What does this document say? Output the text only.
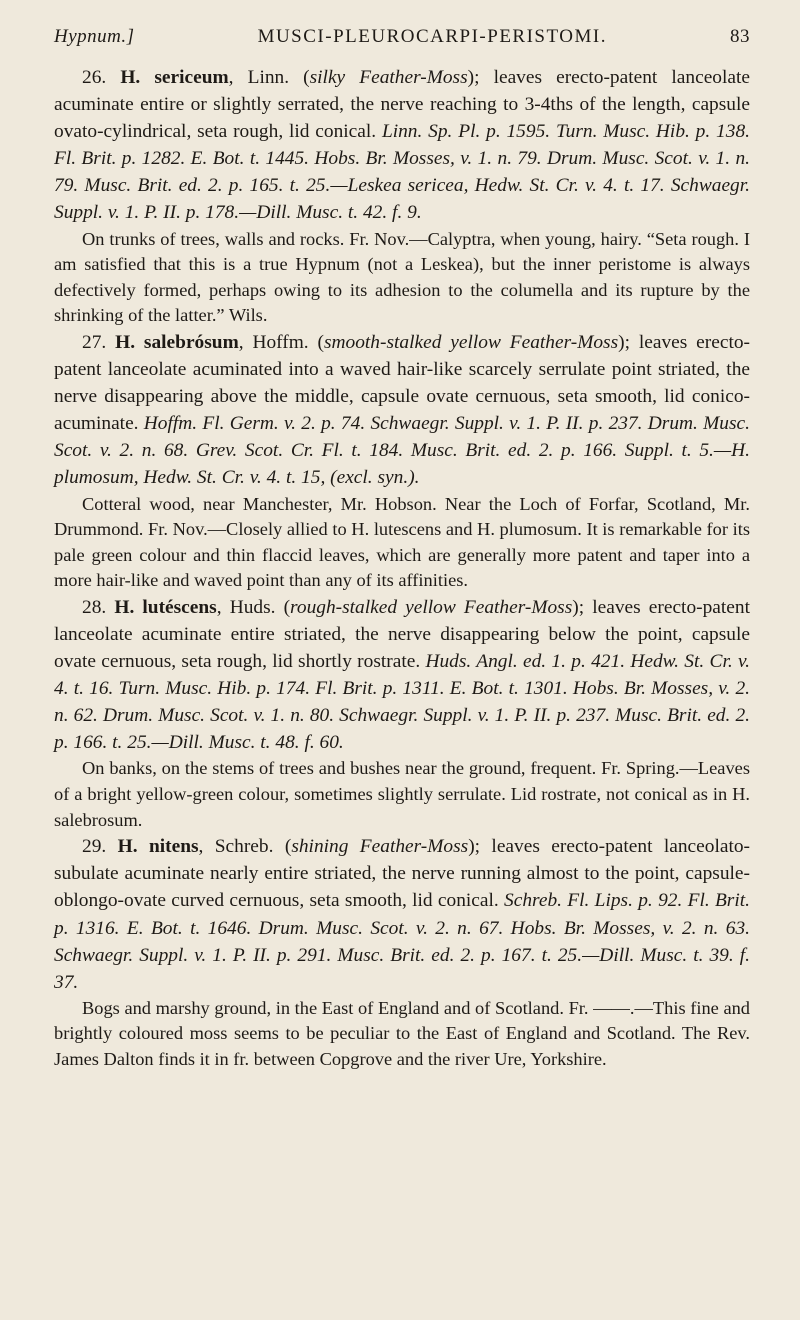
Hypnum.]	MUSCI-PLEUROCARPI-PERISTOMI.	83

26. H. sericeum, Linn. (silky Feather-Moss); leaves erecto-patent lanceolate acuminate entire or slightly serrated, the nerve reaching to 3-4ths of the length, capsule ovato-cylindrical, seta rough, lid conical. Linn. Sp. Pl. p. 1595. Turn. Musc. Hib. p. 138. Fl. Brit. p. 1282. E. Bot. t. 1445. Hobs. Br. Mosses, v. 1. n. 79. Drum. Musc. Scot. v. 1. n. 79. Musc. Brit. ed. 2. p. 165. t. 25.—Leskea sericea, Hedw. St. Cr. v. 4. t. 17. Schwaegr. Suppl. v. 1. P. II. p. 178.—Dill. Musc. t. 42. f. 9.

On trunks of trees, walls and rocks. Fr. Nov.—Calyptra, when young, hairy. “Seta rough. I am satisfied that this is a true Hypnum (not a Leskea), but the inner peristome is always defectively formed, perhaps owing to its adhesion to the columella and its rupture by the shrinking of the latter.” Wils.

27. H. salebrósum, Hoffm. (smooth-stalked yellow Feather-Moss); leaves erecto-patent lanceolate acuminated into a waved hair-like scarcely serrulate point striated, the nerve disappearing above the middle, capsule ovate cernuous, seta smooth, lid conico-acuminate. Hoffm. Fl. Germ. v. 2. p. 74. Schwaegr. Suppl. v. 1. P. II. p. 237. Drum. Musc. Scot. v. 2. n. 68. Grev. Scot. Cr. Fl. t. 184. Musc. Brit. ed. 2. p. 166. Suppl. t. 5.—H. plumosum, Hedw. St. Cr. v. 4. t. 15, (excl. syn.).

Cotteral wood, near Manchester, Mr. Hobson. Near the Loch of Forfar, Scotland, Mr. Drummond. Fr. Nov.—Closely allied to H. lutescens and H. plumosum. It is remarkable for its pale green colour and thin flaccid leaves, which are generally more patent and taper into a more hair-like and waved point than any of its affinities.

28. H. lutéscens, Huds. (rough-stalked yellow Feather-Moss); leaves erecto-patent lanceolate acuminate entire striated, the nerve disappearing below the point, capsule ovate cernuous, seta rough, lid shortly rostrate. Huds. Angl. ed. 1. p. 421. Hedw. St. Cr. v. 4. t. 16. Turn. Musc. Hib. p. 174. Fl. Brit. p. 1311. E. Bot. t. 1301. Hobs. Br. Mosses, v. 2. n. 62. Drum. Musc. Scot. v. 1. n. 80. Schwaegr. Suppl. v. 1. P. II. p. 237. Musc. Brit. ed. 2. p. 166. t. 25.—Dill. Musc. t. 48. f. 60.

On banks, on the stems of trees and bushes near the ground, frequent. Fr. Spring.—Leaves of a bright yellow-green colour, sometimes slightly serrulate. Lid rostrate, not conical as in H. salebrosum.

29. H. nitens, Schreb. (shining Feather-Moss); leaves erecto-patent lanceolato-subulate acuminate nearly entire striated, the nerve running almost to the point, capsule-oblongo-ovate curved cernuous, seta smooth, lid conical. Schreb. Fl. Lips. p. 92. Fl. Brit. p. 1316. E. Bot. t. 1646. Drum. Musc. Scot. v. 2. n. 67. Hobs. Br. Mosses, v. 2. n. 63. Schwaegr. Suppl. v. 1. P. II. p. 291. Musc. Brit. ed. 2. p. 167. t. 25.—Dill. Musc. t. 39. f. 37.

Bogs and marshy ground, in the East of England and of Scotland. Fr. ——.—This fine and brightly coloured moss seems to be peculiar to the East of England and Scotland. The Rev. James Dalton finds it in fr. between Copgrove and the river Ure, Yorkshire.
